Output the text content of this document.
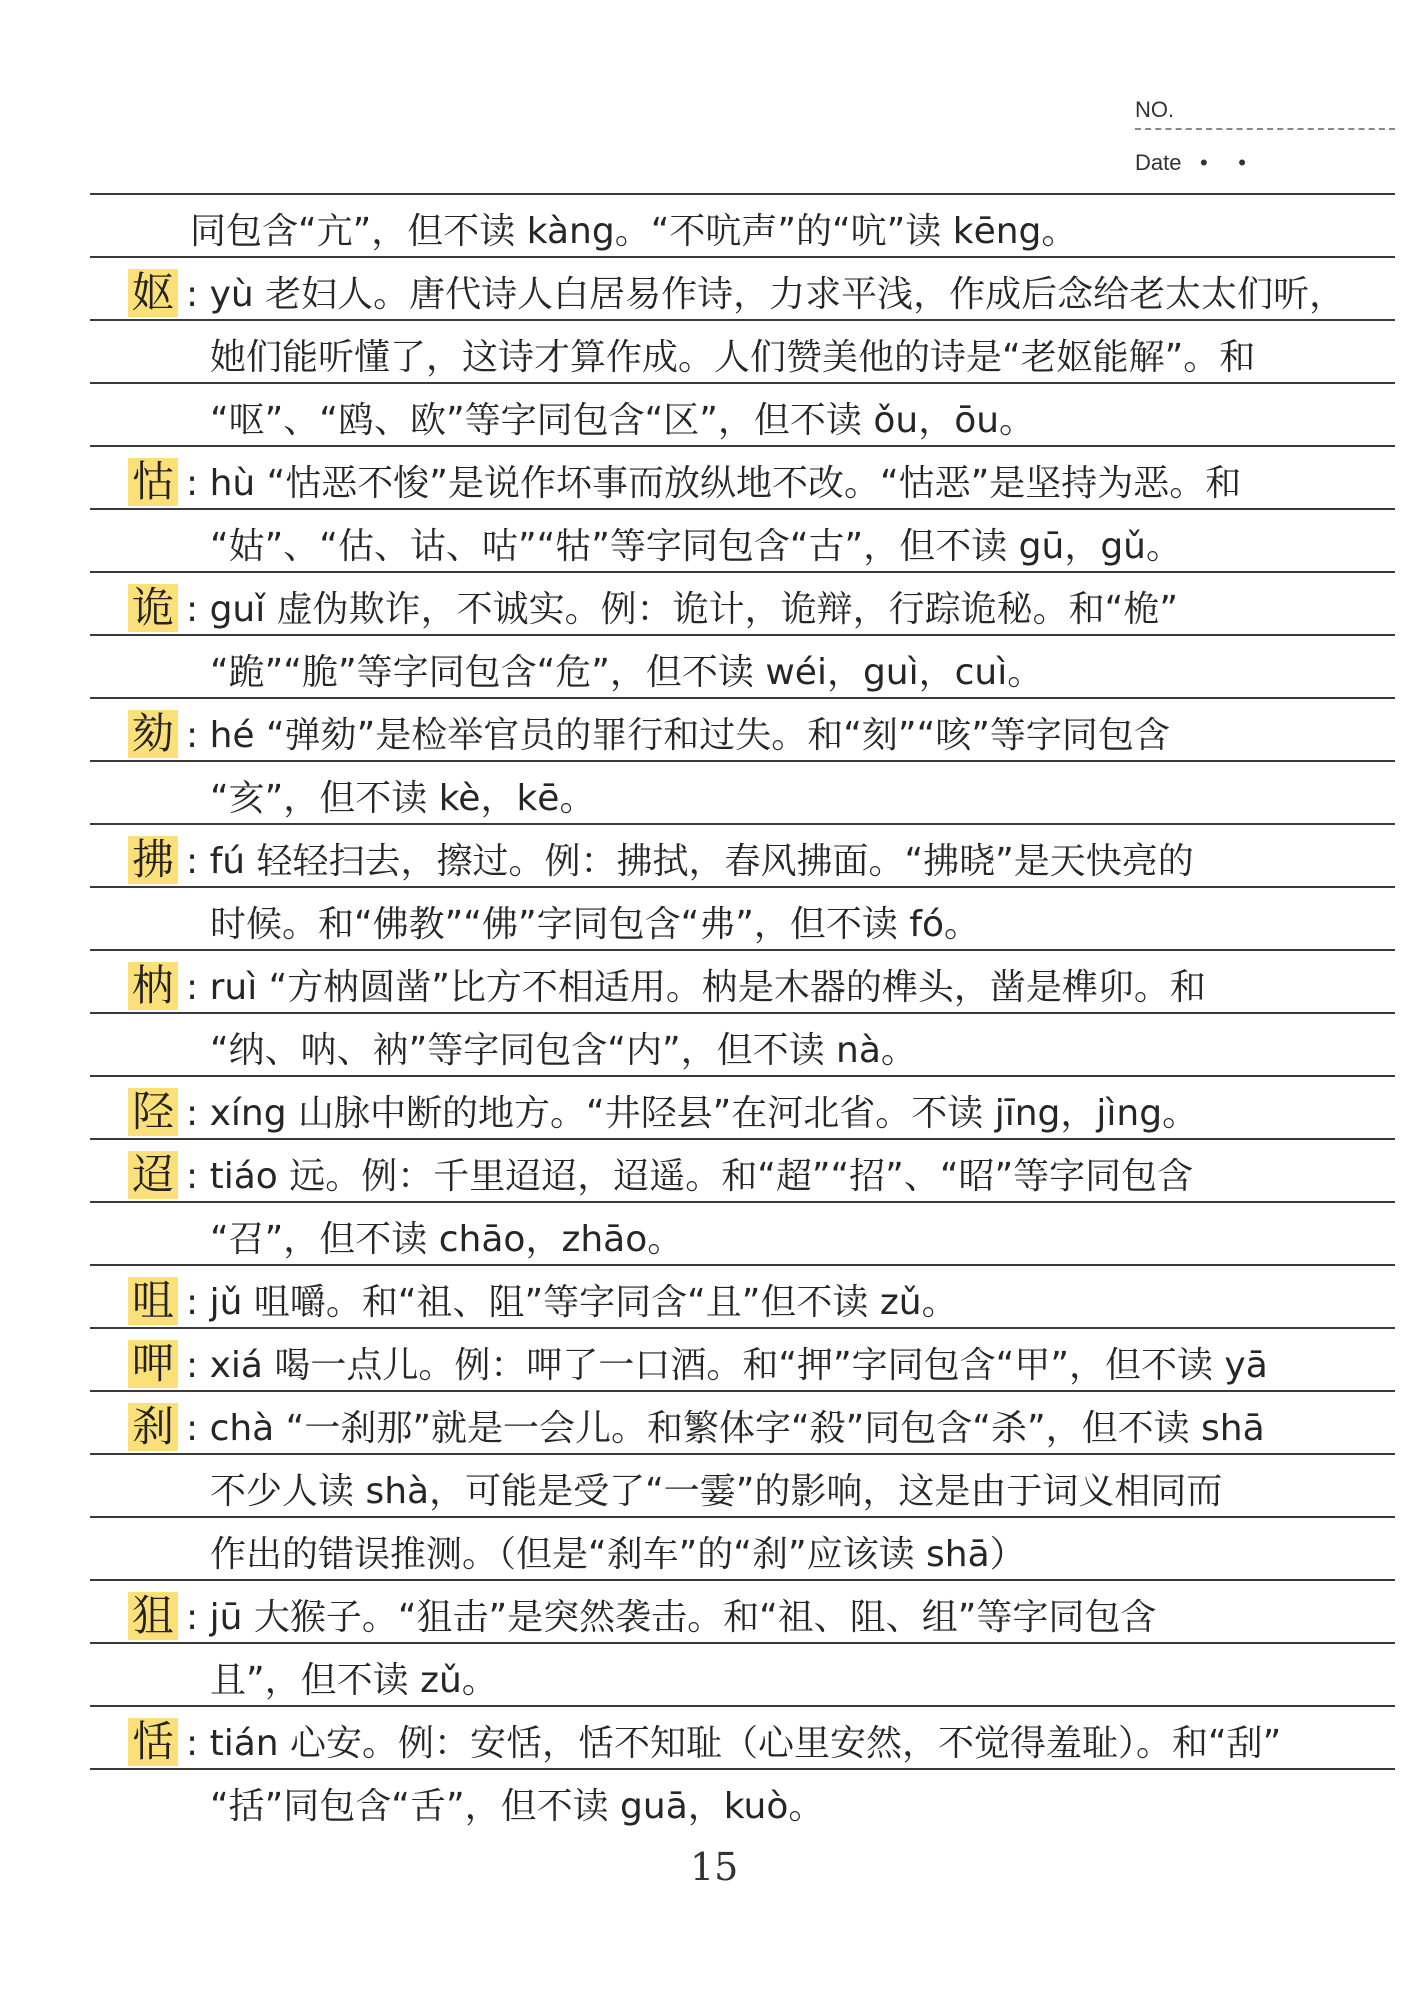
NO.
Date •     •
同包含“亢”，但不读 kàng。“不吭声”的“吭”读 kēng。
妪 : yù 老妇人。唐代诗人白居易作诗，力求平浅，作成后念给老太太们听，
她们能听懂了，这诗才算作成。人们赞美他的诗是“老妪能解”。和
“呕”、“鸥、欧”等字同包含“区”，但不读 ǒu，ōu。
怙 : hù “怙恶不悛”是说作坏事而放纵地不改。“怙恶”是坚持为恶。和
“姑”、“估、诂、咕”“牯”等字同包含“古”，但不读 gū，gǔ。
诡 : guǐ 虚伪欺诈，不诚实。例：诡计，诡辩，行踪诡秘。和“桅”
“跪”“脆”等字同包含“危”，但不读 wéi，guì，cuì。
劾 : hé “弹劾”是检举官员的罪行和过失。和“刻”“咳”等字同包含
“亥”，但不读 kè，kē。
拂 : fú 轻轻扫去，擦过。例：拂拭，春风拂面。“拂晓”是天快亮的
时候。和“佛教”“佛”字同包含“弗”，但不读 fó。
枘 : ruì “方枘圆凿”比方不相适用。枘是木器的榫头，凿是榫卯。和
“纳、呐、衲”等字同包含“内”，但不读 nà。
陉 : xíng 山脉中断的地方。“井陉县”在河北省。不读 jīng，jìng。
迢 : tiáo 远。例：千里迢迢，迢遥。和“超”“招”、“昭”等字同包含
“召”，但不读 chāo，zhāo。
咀 : jǔ 咀嚼。和“祖、阻”等字同含“且”但不读 zǔ。
呷 : xiá 喝一点儿。例：呷了一口酒。和“押”字同包含“甲”，但不读 yā
刹 : chà “一刹那”就是一会儿。和繁体字“殺”同包含“杀”，但不读 shā
不少人读 shà，可能是受了“一霎”的影响，这是由于词义相同而
作出的错误推测。（但是“刹车”的“刹”应该读 shā）
狙 : jū 大猴子。“狙击”是突然袭击。和“祖、阻、组”等字同包含
且”，但不读 zǔ。
恬 : tián 心安。例：安恬，恬不知耻（心里安然，不觉得羞耻）。和“刮”
“括”同包含“舌”，但不读 guā，kuò。
15
